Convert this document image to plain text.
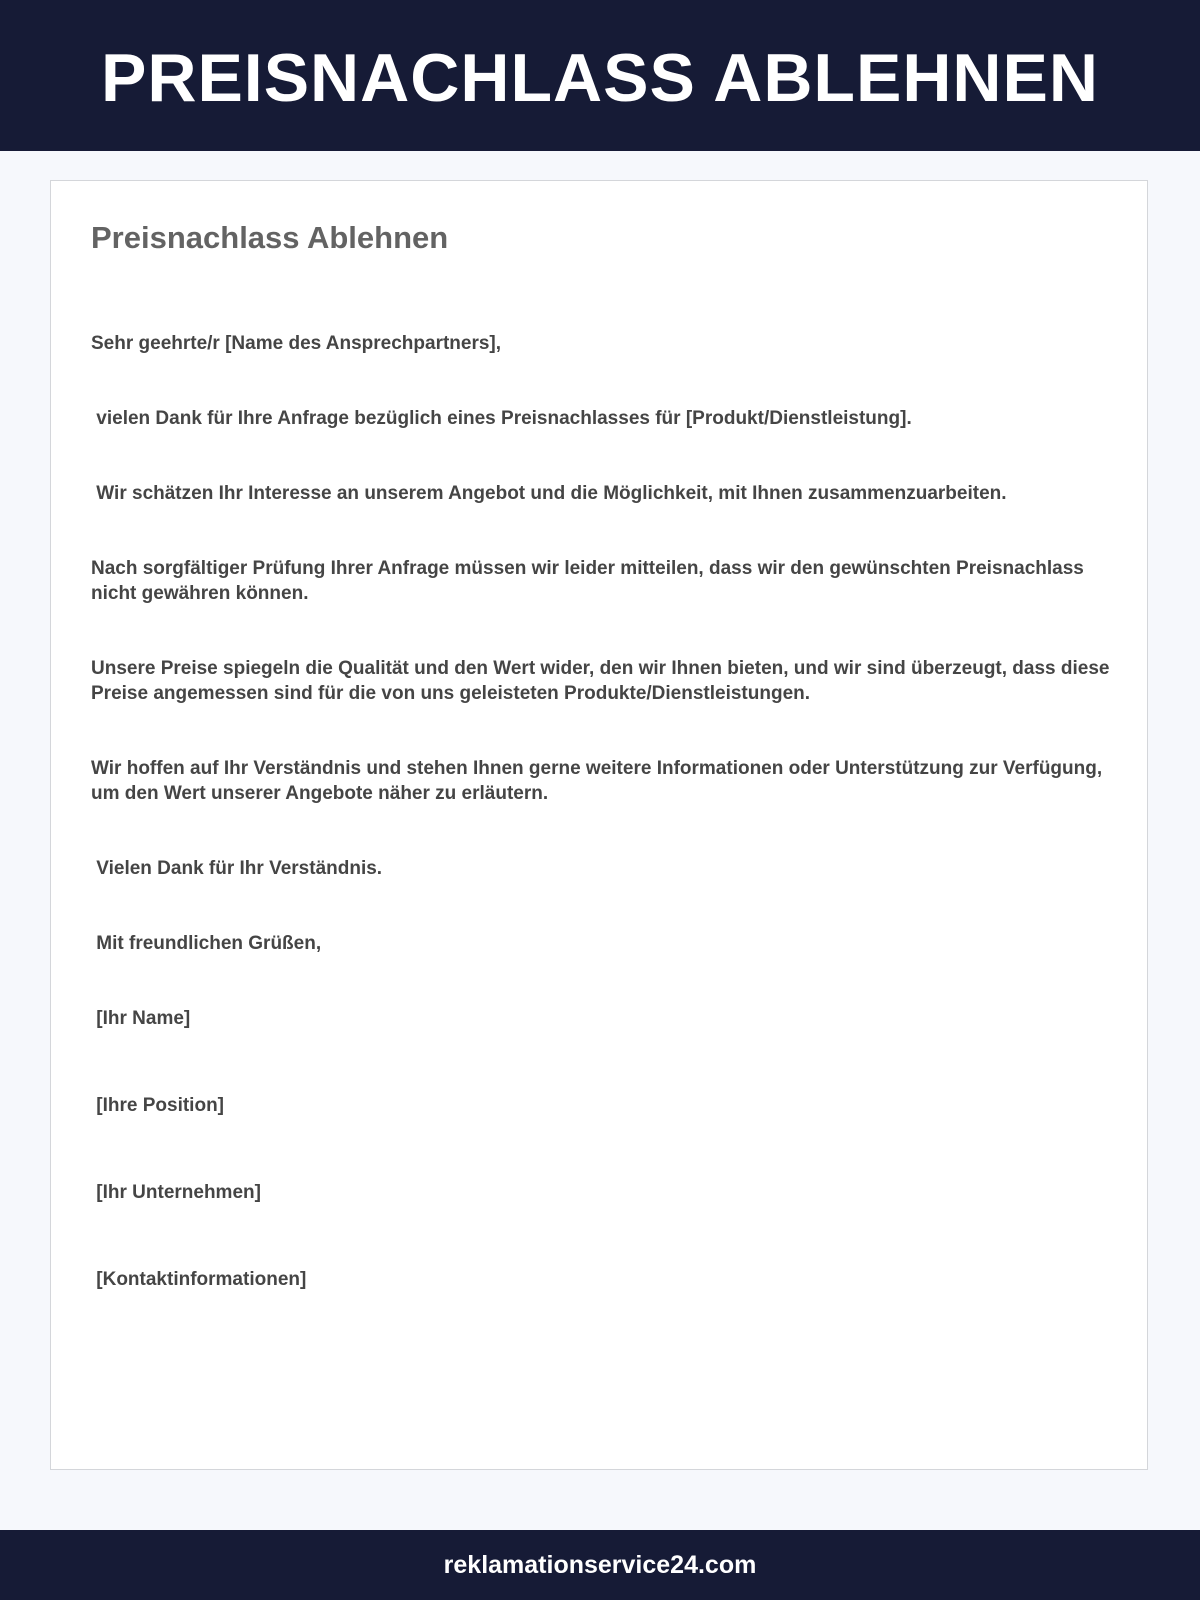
PREISNACHLASS ABLEHNEN
Preisnachlass Ablehnen

Sehr geehrte/r [Name des Ansprechpartners],

vielen Dank für Ihre Anfrage bezüglich eines Preisnachlasses für [Produkt/Dienstleistung].

Wir schätzen Ihr Interesse an unserem Angebot und die Möglichkeit, mit Ihnen zusammenzuarbeiten.

Nach sorgfältiger Prüfung Ihrer Anfrage müssen wir leider mitteilen, dass wir den gewünschten Preisnachlass nicht gewähren können.

Unsere Preise spiegeln die Qualität und den Wert wider, den wir Ihnen bieten, und wir sind überzeugt, dass diese Preise angemessen sind für die von uns geleisteten Produkte/Dienstleistungen.

Wir hoffen auf Ihr Verständnis und stehen Ihnen gerne weitere Informationen oder Unterstützung zur Verfügung, um den Wert unserer Angebote näher zu erläutern.

Vielen Dank für Ihr Verständnis.

Mit freundlichen Grüßen,

[Ihr Name]

[Ihre Position]

[Ihr Unternehmen]

[Kontaktinformationen]

reklamationservice24.com
